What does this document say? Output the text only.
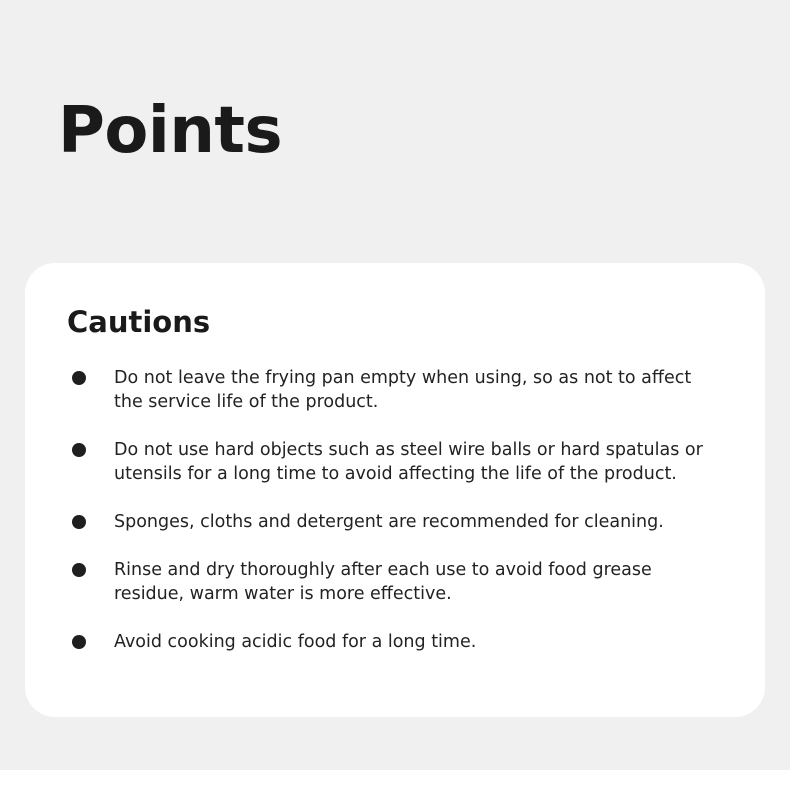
Points
Cautions
Do not leave the frying pan empty when using, so as not to affect the service life of the product.
Do not use hard objects such as steel wire balls or hard spatulas or utensils for a long time to avoid affecting the life of the product.
Sponges, cloths and detergent are recommended for cleaning.
Rinse and dry thoroughly after each use to avoid food grease residue, warm water is more effective.
Avoid cooking acidic food for a long time.
